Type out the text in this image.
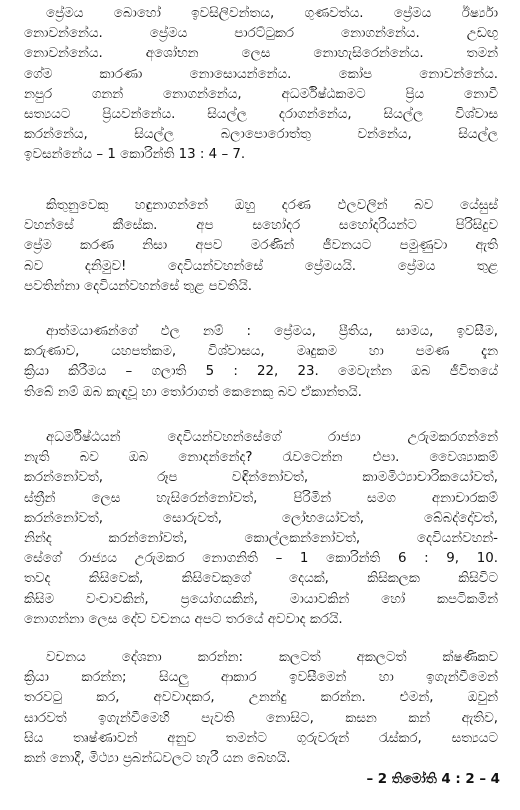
ප්‍රේමය බොහෝ ඉවසිලිවන්තය, ගුණවත්ය. ප්‍රේමය ඊර්ෂ්‍යා
නොවන්නේය. ප්‍රේමය පාරට්ටුකර නොගන්නේය. උඩඟු
නොවන්නේය. අශෝභන ලෙස නොහැසිරෙන්නේය. තමන්
ගේම කාරණා නොසොයන්නේය. කෝප නොවන්නේය.
නපුර ගනන් නොගන්නේය, අධර්මිෂ්ඨකමට ප්‍රිය නොවී
සත්‍යයට ප්‍රියවන්නේය. සියල්ල දරාගන්නේය, සියල්ල විශ්වාස
කරන්නේය, සියල්ල බලාපොරොත්තු වන්නේය, සියල්ල
ඉවසන්නේය – 1 කොරින්ති 13 : 4 – 7.

කිතුනුවෙකු හඳුනාගන්නේ ඔහු දරණ ඵලවලින් බව යේසුස්
වහන්සේ කීසේක. අප සහෝදර සහෝදරියන්ට පිරිසිදුව
ප්‍රේම කරණ නිසා අපව මරණින් ජීවනයට පමුණුවා ඇති
බව දනිමුව! දෙවියන්වහන්සේ ප්‍රේමයයි. ප්‍රේමය තුළ
පවතින්නා දෙවියන්වහන්සේ තුළ පවතියි.

ආත්මයාණන්ගේ ඵල නම් : ප්‍රේමය, ප්‍රීතිය, සාමය, ඉවසීම,
කරුණාව, යහපත්කම, විශ්වාසය, මෘදුකම හා පමණ දැන
ක්‍රියා කිරීමය – ගලාති 5 : 22, 23. මෙවැන්න ඔබ ජීවිතයේ
තිබේ නම් ඔබ කැඳවූ හා තෝරාගත් කෙනෙකු බව ඒකාන්තයි.

අධර්මිෂ්ඨයන් දෙවියන්වහන්සේගේ රාජ්‍යා උරුමකරගන්නේ
නැති බව ඔබ නොදන්නේද? රැවටෙන්න එපා. වෛශ්‍යාකම්
කරන්නෝවත්, රූප වඳින්නෝවත්, කාමමිථ්‍යාචාරිකයෝවත්,
ස්ත්‍රීන් ලෙස හැසිරෙන්නෝවත්, පිරිමින් සමග අනාචාරකම්
කරන්නෝවත්, සොරුවත්, ලෝභයෝවත්, බේබද්දෝවත්,
නින්ද කරන්නෝවත්, කොල්ලකන්නෝවත්, දෙවියන්වහන්-
සේගේ රාජ්‍යය උරුමකර නොගනිති – 1 කොරින්ති 6 : 9, 10.
තවද කිසිවෙක්, කිසිවෙකුගේ දෙයක්, කිසිකලක කිසිවිට
කිසිම වංචාවකින්, ප්‍රයෝගයකින්, මායාවකින් හෝ කපටිකමින්
නොගන්නා ලෙස දේව වචනය අපට තරයේ අවවාද කරයි.

වචනය දේශනා කරන්න: කලටත් අකලටත් ක්ෂණිකව
ක්‍රියා කරන්න; සියලු ආකාර ඉවසීමෙන් හා ඉගැන්වීමෙන්
තරවටු කර, අවවාදකර, උනන්දු කරන්න. එමන්, ඔවුන්
සාරවත් ඉගැන්වීමෙහි පැවති නොසිට, කසන කන් ඇතිව,
සිය තෘෂ්ණාවන් අනුව තමන්ට ගුරුවරුන් රැස්කර, සත්‍යයට
කන් නොදී, මිථ්‍යා ප්‍රබන්ධවලට හැරී යන බෙහයි.

– 2 තිමෝති 4 : 2 – 4
